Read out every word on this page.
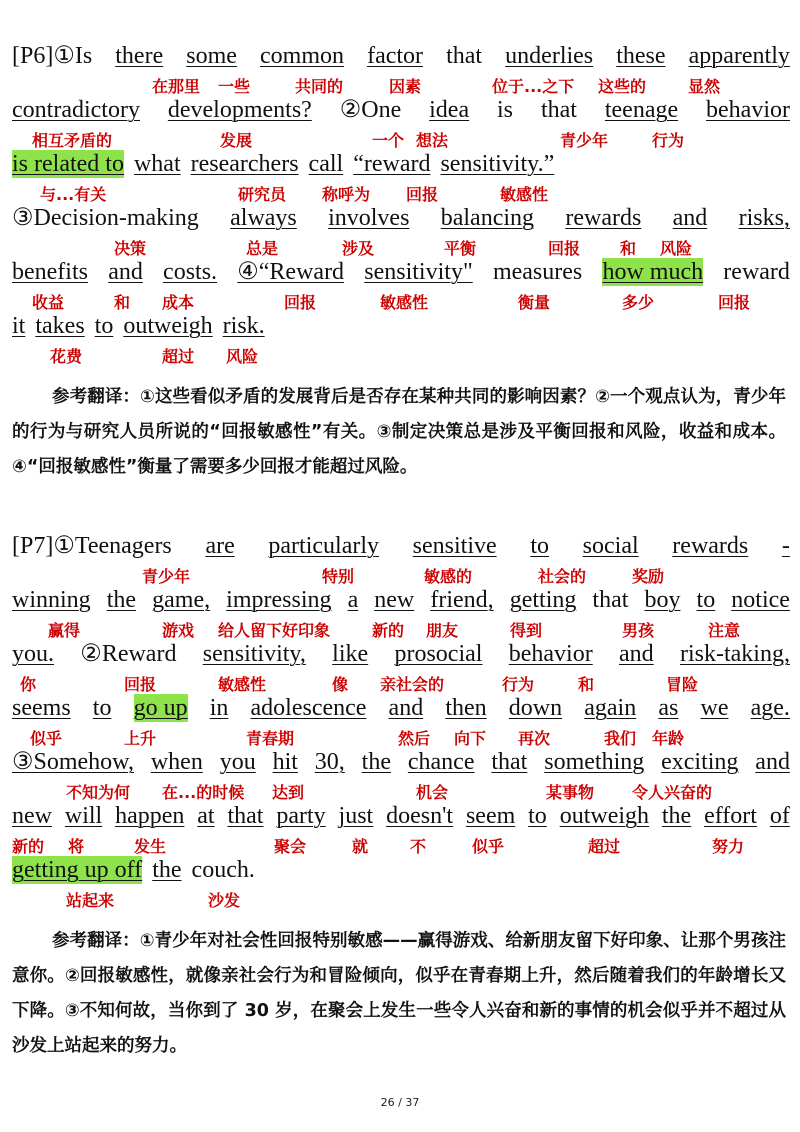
[P6]①Is there some common factor that underlies these apparently
在那里 一些	共同的	因素	位于...之下 这些的	显然
contradictory developments? ②One idea is that teenage behavior
相互矛盾的	发展	一个 想法	青少年	行为
is related to what researchers call “reward sensitivity.”
与...有关	研究员 称呼为 回报	敏感性
③Decision-making always involves balancing rewards and risks,
决策	总是	涉及	平衡	回报 和 风险
benefits and costs. ④“Reward sensitivity" measures how much reward
收益	和 成本	回报	敏感性	衡量	多少	回报
it takes to outweigh risk.
花费	超过 风险
参考翻译：①这些看似矛盾的发展背后是否存在某种共同的影响因素？②一个观点认为，青少年的行为与研究人员所说的“回报敏感性”有关。③制定决策总是涉及平衡回报和风险，收益和成本。④“回报敏感性”衡量了需要多少回报才能超过风险。
[P7]①Teenagers are particularly sensitive to social rewards -
青少年	特别	敏感的	社会的	奖励
winning the game, impressing a new friend, getting that boy to notice
赢得	游戏 给人留下好印象	新的 朋友	得到	男孩	注意
you. ②Reward sensitivity, like prosocial behavior and risk-taking,
你	回报	敏感性	像 亲社会的	行为	和	冒险
seems to go up in adolescence and then down again as we age.
似乎	上升	青春期	然后 向下 再次	我们 年龄
③Somehow, when you hit 30, the chance that something exciting and
不知为何 在...的时候 达到	机会	某事物 令人兴奋的
new will happen at that party just doesn't seem to outweigh the effort of
新的 将	发生	聚会	就	不	似乎	超过	努力
getting up off the couch.
站起来	沙发
参考翻译：①青少年对社会性回报特别敏感——赢得游戏、给新朋友留下好印象、让那个男孩注意你。②回报敏感性，就像亲社会行为和冒险倾向，似乎在青春期上升，然后随着我们的年龄增长又下降。③不知何故，当你到了 30 岁，在聚会上发生一些令人兴奋和新的事情的机会似乎并不超过从沙发上站起来的努力。
26 / 37
